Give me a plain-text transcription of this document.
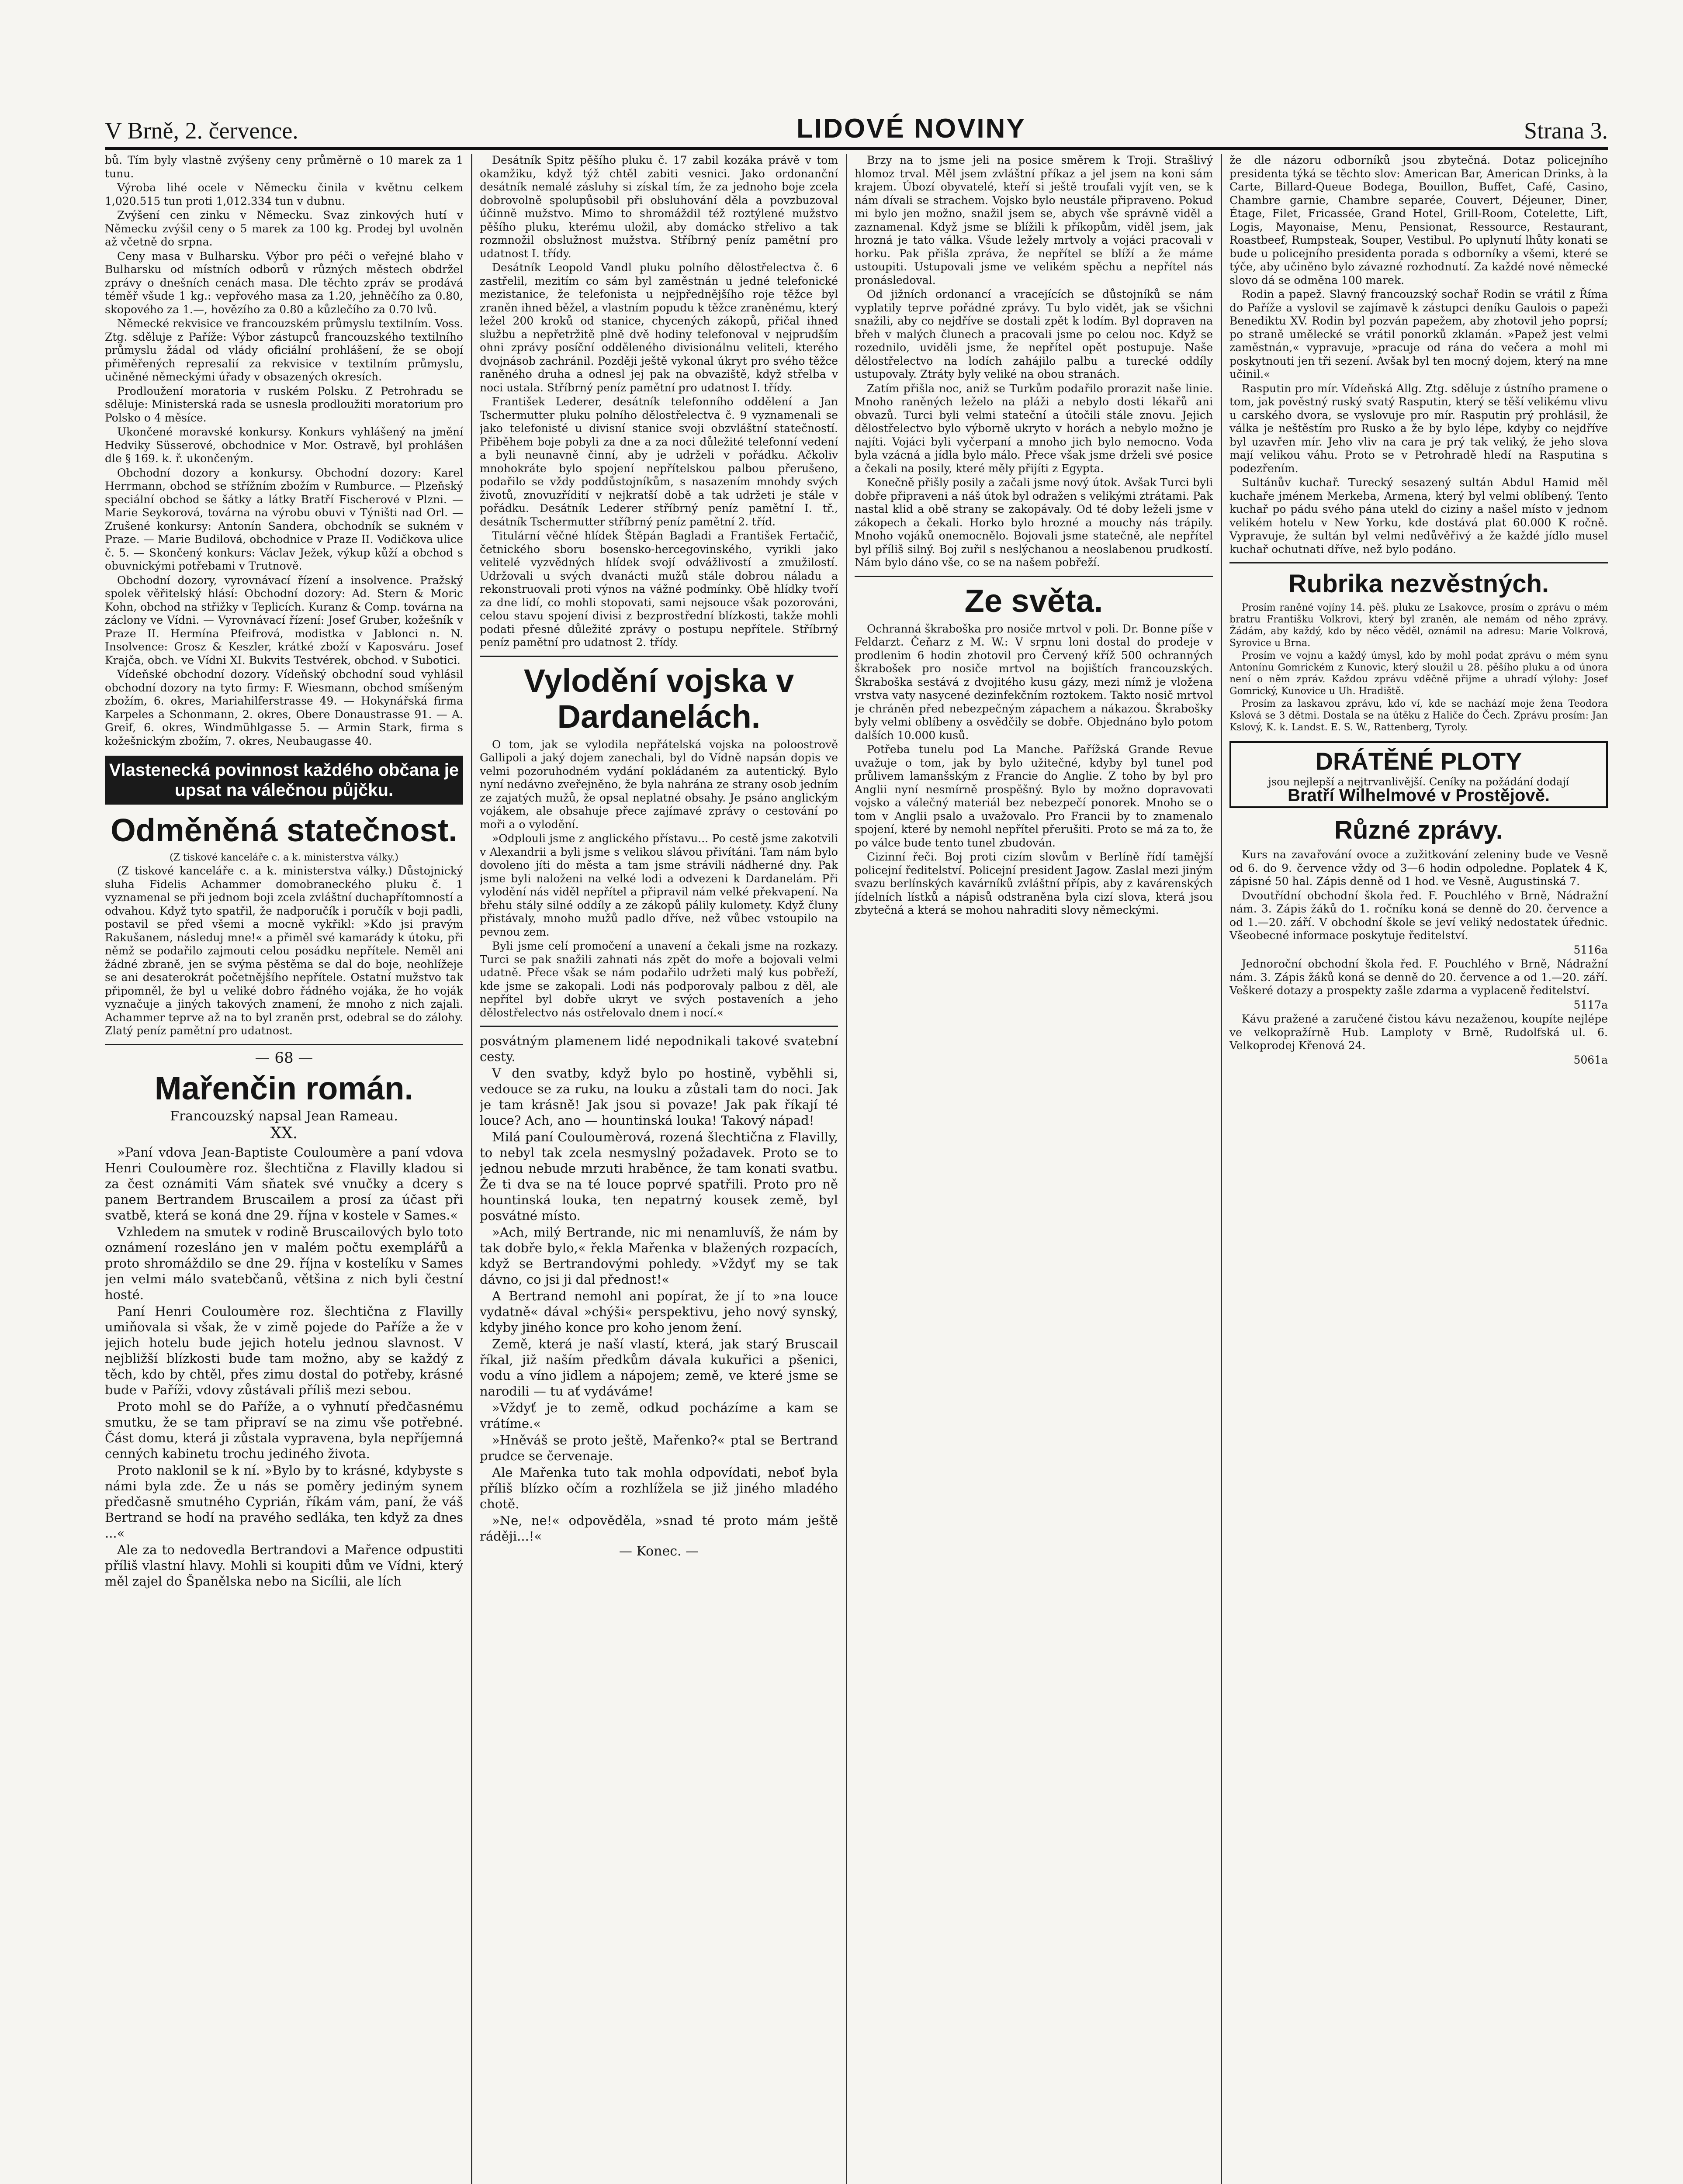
V Brně, 2. července.	LIDOVÉ NOVINY	Strana 3.

bů. Tím byly vlastně zvýšeny ceny průměrně o 10 marek za 1 tunu.

Výroba lihé ocele v Německu činila v květnu celkem 1,020.515 tun proti 1,012.334 tun v dubnu.

Zvýšení cen zinku v Německu. Svaz zinkových hutí v Německu zvýšil ceny o 5 marek za 100 kg. Prodej byl uvolněn až včetně do srpna.

Ceny masa v Bulharsku. Výbor pro péči o veřejné blaho v Bulharsku od místních odborů v různých městech obdržel zprávy o dnešních cenách masa. Dle těchto zpráv se prodává téměř všude 1 kg.: vepřového masa za 1.20, jehněčího za 0.80, skopového za 1.—, hovězího za 0.80 a kůzlečího za 0.70 lvů.

Německé rekvisice ve francouzském průmyslu textilním. Voss. Ztg. sděluje z Paříže: Výbor zástupců francouzského textilního průmyslu žádal od vlády oficiální prohlášení, že se obojí přiměřených represalií za rekvisice v textilním průmyslu, učiněné německými úřady v obsazených okresích.

Prodloužení moratoria v ruském Polsku. Z Petrohradu se sděluje: Ministerská rada se usnesla prodloužiti moratorium pro Polsko o 4 měsíce.

Ukončené moravské konkursy. Konkurs vyhlášený na jmění Hedviky Süsserové, obchodnice v Mor. Ostravě, byl prohlášen dle § 169. k. ř. ukončeným.

Obchodní dozory a konkursy. Obchodní dozory: Karel Herrmann, obchod se střížním zbožím v Rumburce. — Plzeňský speciální obchod se šátky a látky Bratří Fischerové v Plzni. — Marie Seykorová, továrna na výrobu obuvi v Týništi nad Orl. — Zrušené konkursy: Antonín Sandera, obchodník se sukném v Praze. — Marie Budilová, obchodnice v Praze II. Vodičkova ulice č. 5. — Skončený konkurs: Václav Ježek, výkup kůží a obchod s obuvnickými potřebami v Trutnově.

Obchodní dozory, vyrovnávací řízení a insolvence. Pražský spolek věřitelský hlásí: Obchodní dozory: Ad. Stern & Moric Kohn, obchod na střižky v Teplicích. Kuranz & Comp. továrna na záclony ve Vídni. — Vyrovnávací řízení: Josef Gruber, kožešník v Praze II. Hermína Pfeifrová, modistka v Jablonci n. N. Insolvence: Grosz & Keszler, krátké zboží v Kaposváru. Josef Krajča, obch. ve Vídni XI. Bukvits Testvérek, obchod. v Subotici.

Vídeňské obchodní dozory. Vídeňský obchodní soud vyhlásil obchodní dozory na tyto firmy: F. Wiesmann, obchod smíšeným zbožím, 6. okres, Mariahilferstrasse 49. — Hokynářská firma Karpeles a Schonmann, 2. okres, Obere Donaustrasse 91. — A. Greif, 6. okres, Windmühlgasse 5. — Armin Stark, firma s kožešnickým zbožím, 7. okres, Neubaugasse 40.

Vlastenecká povinnost každého občana je upsat na válečnou půjčku.
Odměněná statečnost.

(Z tiskové kanceláře c. a k. ministerstva války.)

(Z tiskové kanceláře c. a k. ministerstva války.) Důstojnický sluha Fidelis Achammer domobraneckého pluku č. 1 vyznamenal se při jednom boji zcela zvláštní duchapřítomností a odvahou. Když tyto spatřil, že nadporučík i poručík v boji padli, postavil se před všemi a mocně vykřikl: »Kdo jsi pravým Rakušanem, následuj mne!« a přiměl své kamarády k útoku, při němž se podařilo zajmouti celou posádku nepřítele. Neměl ani žádné zbraně, jen se svýma pěstěma se dal do boje, neohlížeje se ani desaterokrát početnějšího nepřítele. Ostatní mužstvo tak připomněl, že byl u veliké dobro řádného vojáka, že ho voják vyznačuje a jiných takových znamení, že mnoho z nich zajali. Achammer teprve až na to byl zraněn prst, odebral se do zálohy. Zlatý peníz pamětní pro udatnost.

— 68 —
Mařenčin román.
Francouzský napsal Jean Rameau.
XX.

»Paní vdova Jean-Baptiste Couloumère a paní vdova Henri Couloumère roz. šlechtična z Flavilly kladou si za čest oznámiti Vám sňatek své vnučky a dcery s panem Bertrandem Bruscailem a prosí za účast při svatbě, která se koná dne 29. října v kostele v Sames.«

Vzhledem na smutek v rodině Bruscailových bylo toto oznámení rozesláno jen v malém počtu exemplářů a proto shromáždilo se dne 29. října v kostelíku v Sames jen velmi málo svatebčanů, většina z nich byli čestní hosté.

Paní Henri Couloumère roz. šlechtična z Flavilly umiňovala si však, že v zimě pojede do Paříže a že v jejich hotelu bude jejich hotelu jednou slavnost. V nejbližší blízkosti bude tam možno, aby se každý z těch, kdo by chtěl, přes zimu dostal do potřeby, krásné bude v Paříži, vdovy zůstávali příliš mezi sebou.

Proto mohl se do Paříže, a o vyhnutí předčasnému smutku, že se tam připraví se na zimu vše potřebné. Část domu, která ji zůstala vypravena, byla nepříjemná cenných kabinetu trochu jediného života.

Proto naklonil se k ní. »Bylo by to krásné, kdybyste s námi byla zde. Že u nás se poměry jediným synem předčasně smutného Cyprián, říkám vám, paní, že váš Bertrand se hodí na pravého sedláka, ten když za dnes ...«

Ale za to nedovedla Bertrandovi a Mařence odpustiti příliš vlastní hlavy. Mohli si koupiti dům ve Vídni, který měl zajel do Španělska nebo na Sicílii, ale lích

Desátník Spitz pěšího pluku č. 17 zabil kozáka právě v tom okamžiku, když týž chtěl zabiti vesnici. Jako ordonanční desátník nemalé zásluhy si získal tím, že za jednoho boje zcela dobrovolně spolupůsobil při obsluhování děla a povzbuzoval účinně mužstvo. Mimo to shromáždil též roztýlené mužstvo pěšího pluku, kterému uložil, aby domácko střelivo a tak rozmnožil obslužnost mužstva. Stříbrný peníz pamětní pro udatnost I. třídy.

Desátník Leopold Vandl pluku polního dělostřelectva č. 6 zastřelil, mezitím co sám byl zaměstnán u jedné telefonické mezistanice, že telefonista u nejpřednějšího roje těžce byl zraněn ihned běžel, a vlastním popudu k těžce zraněnému, který ležel 200 kroků od stanice, chycených zákopů, přičal ihned službu a nepřetržitě plně dvě hodiny telefonoval v nejprudším ohni zprávy posíční odděleného divisionálnu veliteli, kterého dvojnásob zachránil. Později ještě vykonal úkryt pro svého těžce raněného druha a odnesl jej pak na obvaziště, když střelba v noci ustala. Stříbrný peníz pamětní pro udatnost I. třídy.

František Lederer, desátník telefonního oddělení a Jan Tschermutter pluku polního dělostřelectva č. 9 vyznamenali se jako telefonisté u divisní stanice svoji obzvláštní statečností. Přiběhem boje pobyli za dne a za noci důležité telefonní vedení a byli neunavně činní, aby je udrželi v pořádku. Ačkoliv mnohokráte bylo spojení nepřítelskou palbou přerušeno, podařilo se vždy poddůstojníkům, s nasazením mnohdy svých životů, znovuzřídití v nejkratší době a tak udržeti je stále v pořádku. Desátník Lederer stříbrný peníz pamětní I. tř., desátník Tschermutter stříbrný peníz pamětní 2. tříd.

Titulární věčné hlídek Štěpán Bagladi a František Fertačič, četnického sboru bosensko-hercegovinského, vyrikli jako velitelé vyzvědných hlídek svojí odvážlivostí a zmužilostí. Udržovali u svých dvanácti mužů stále dobrou náladu a rekonstruovali proti výnos na vážné podmínky. Obě hlídky tvoří za dne lidí, co mohli stopovati, sami nejsouce však pozorováni, celou stavu spojení divisi z bezprostřední blízkosti, takže mohli podati přesné důležité zprávy o postupu nepřítele. Stříbrný peníz pamětní pro udatnost 2. třídy.

Vylodění vojska v Dardanelách.

O tom, jak se vylodila nepřátelská vojska na poloostrově Gallipoli a jaký dojem zanechali, byl do Vídně napsán dopis ve velmi pozoruhodném vydání pokládaném za autentický. Bylo nyní nedávno zveřejněno, že byla nahrána ze strany osob jedním ze zajatých mužů, že opsal neplatné obsahy. Je psáno anglickým vojákem, ale obsahuje přece zajímavé zprávy o cestování po moři a o vylodění.

»Odplouli jsme z anglického přístavu... Po cestě jsme zakotvili v Alexandrii a byli jsme s velikou slávou přivítáni. Tam nám bylo dovoleno jíti do města a tam jsme strávili nádherné dny. Pak jsme byli naloženi na velké lodi a odvezeni k Dardanelám. Při vylodění nás viděl nepřítel a připravil nám velké překvapení. Na břehu stály silné oddíly a ze zákopů pálily kulomety. Když čluny přistávaly, mnoho mužů padlo dříve, než vůbec vstoupilo na pevnou zem.

Byli jsme celí promočení a unavení a čekali jsme na rozkazy. Turci se pak snažili zahnati nás zpět do moře a bojovali velmi udatně. Přece však se nám podařilo udržeti malý kus pobřeží, kde jsme se zakopali. Lodi nás podporovaly palbou z děl, ale nepřítel byl dobře ukryt ve svých postaveních a jeho dělostřelectvo nás ostřelovalo dnem i nocí.«

posvátným plamenem lidé nepodnikali takové svatební cesty.

V den svatby, když bylo po hostině, vyběhli si, vedouce se za ruku, na louku a zůstali tam do noci. Jak je tam krásně! Jak jsou si povaze! Jak pak říkají té louce? Ach, ano — hountinská louka! Takový nápad!

Milá paní Couloumèrová, rozená šlechtična z Flavilly, to nebyl tak zcela nesmyslný požadavek. Proto se to jednou nebude mrzuti hraběnce, že tam konati svatbu. Že ti dva se na té louce poprvé spatřili. Proto pro ně hountinská louka, ten nepatrný kousek země, byl posvátné místo.

»Ach, milý Bertrande, nic mi nenamluvíš, že nám by tak dobře bylo,« řekla Mařenka v blažených rozpacích, když se Bertrandovými pohledy. »Vždyť my se tak dávno, co jsi ji dal přednost!«

A Bertrand nemohl ani popírat, že jí to »na louce vydatně« dával »chýši« perspektivu, jeho nový synský, kdyby jiného konce pro koho jenom žení.

Země, která je naší vlastí, která, jak starý Bruscail říkal, již naším předkům dávala kukuřici a pšenici, vodu a víno jidlem a nápojem; země, ve které jsme se narodili — tu ať vydáváme!

»Vždyť je to země, odkud pocházíme a kam se vrátíme.«

»Hněváš se proto ještě, Mařenko?« ptal se Bertrand prudce se červenaje.

Ale Mařenka tuto tak mohla odpovídati, neboť byla příliš blízko očím a rozhlížela se již jiného mladého chotě.

»Ne, ne!« odpověděla, »snad té proto mám ještě ráději...!«

— Konec. —

Brzy na to jsme jeli na posice směrem k Troji. Strašlivý hlomoz trval. Měl jsem zvláštní příkaz a jel jsem na koni sám krajem. Úbozí obyvatelé, kteří si ještě troufali vyjít ven, se k nám dívali se strachem. Vojsko bylo neustále připraveno. Pokud mi bylo jen možno, snažil jsem se, abych vše správně viděl a zaznamenal. Když jsme se blížili k příkopům, viděl jsem, jak hrozná je tato válka. Všude ležely mrtvoly a vojáci pracovali v horku. Pak přišla zpráva, že nepřítel se blíží a že máme ustoupiti. Ustupovali jsme ve velikém spěchu a nepřítel nás pronásledoval.

Od jižních ordonancí a vracejících se důstojníků se nám vyplatily teprve pořádné zprávy. Tu bylo vidět, jak se všichni snažili, aby co nejdříve se dostali zpět k lodím. Byl dopraven na břeh v malých člunech a pracovali jsme po celou noc. Když se rozednilo, uviděli jsme, že nepřítel opět postupuje. Naše dělostřelectvo na lodích zahájilo palbu a turecké oddíly ustupovaly. Ztráty byly veliké na obou stranách.

Zatím přišla noc, aniž se Turkům podařilo prorazit naše linie. Mnoho raněných leželo na pláži a nebylo dosti lékařů ani obvazů. Turci byli velmi stateční a útočili stále znovu. Jejich dělostřelectvo bylo výborně ukryto v horách a nebylo možno je najíti. Vojáci byli vyčerpaní a mnoho jich bylo nemocno. Voda byla vzácná a jídla bylo málo. Přece však jsme drželi své posice a čekali na posily, které měly přijíti z Egypta.

Konečně přišly posily a začali jsme nový útok. Avšak Turci byli dobře připraveni a náš útok byl odražen s velikými ztrátami. Pak nastal klid a obě strany se zakopávaly. Od té doby leželi jsme v zákopech a čekali. Horko bylo hrozné a mouchy nás trápily. Mnoho vojáků onemocnělo. Bojovali jsme statečně, ale nepřítel byl příliš silný. Boj zuřil s neslýchanou a neoslabenou prudkostí. Nám bylo dáno vše, co se na našem pobřeží.

Ze světa.

Ochranná škraboška pro nosiče mrtvol v poli. Dr. Bonne píše v Feldarzt. Čeňarz z M. W.: V srpnu loni dostal do prodeje v prodlenim 6 hodin zhotovil pro Červený kříž 500 ochranných škrabošek pro nosiče mrtvol na bojištích francouzských. Škraboška sestává z dvojitého kusu gázy, mezi nímž je vložena vrstva vaty nasycené dezinfekčním roztokem. Takto nosič mrtvol je chráněn před nebezpečným zápachem a nákazou. Škrabošky byly velmi oblíbeny a osvědčily se dobře. Objednáno bylo potom dalších 10.000 kusů.

Potřeba tunelu pod La Manche. Pařížská Grande Revue uvažuje o tom, jak by bylo užitečné, kdyby byl tunel pod průlivem lamanšským z Francie do Anglie. Z toho by byl pro Anglii nyní nesmírně prospěšný. Bylo by možno dopravovati vojsko a válečný materiál bez nebezpečí ponorek. Mnoho se o tom v Anglii psalo a uvažovalo. Pro Francii by to znamenalo spojení, které by nemohl nepřítel přerušiti. Proto se má za to, že po válce bude tento tunel zbudován.

Cizinní řeči. Boj proti cizím slovům v Berlíně řídí tamější policejní ředitelství. Policejní president Jagow. Zaslal mezi jiným svazu berlínských kavárníků zvláštní přípis, aby z kavárenských jídelních lístků a nápisů odstraněna byla cizí slova, která jsou zbytečná a která se mohou nahraditi slovy německými.

že dle názoru odborníků jsou zbytečná. Dotaz policejního presidenta týká se těchto slov: American Bar, American Drinks, à la Carte, Billard-Queue Bodega, Bouillon, Buffet, Café, Casino, Chambre garnie, Chambre separée, Couvert, Déjeuner, Diner, Étage, Filet, Fricassée, Grand Hotel, Grill-Room, Cotelette, Lift, Logis, Mayonaise, Menu, Pensionat, Ressource, Restaurant, Roastbeef, Rumpsteak, Souper, Vestibul. Po uplynutí lhůty konati se bude u policejního presidenta porada s odborníky a všemi, které se týče, aby učiněno bylo závazné rozhodnutí. Za každé nové německé slovo dá se odměna 100 marek.

Rodin a papež. Slavný francouzský sochař Rodin se vrátil z Říma do Paříže a vyslovil se zajímavě k zástupci deníku Gaulois o papeži Benediktu XV. Rodin byl pozván papežem, aby zhotovil jeho poprsí; po straně umělecké se vrátil ponorků zklamán. »Papež jest velmi zaměstnán,« vypravuje, »pracuje od rána do večera a mohl mi poskytnouti jen tři sezení. Avšak byl ten mocný dojem, který na mne učinil.«

Rasputin pro mír. Vídeňská Allg. Ztg. sděluje z ústního pramene o tom, jak pověstný ruský svatý Rasputin, který se těší velikému vlivu u carského dvora, se vyslovuje pro mír. Rasputin prý prohlásil, že válka je neštěstím pro Rusko a že by bylo lépe, kdyby co nejdříve byl uzavřen mír. Jeho vliv na cara je prý tak veliký, že jeho slova mají velikou váhu. Proto se v Petrohradě hledí na Rasputina s podezřením.

Sultánův kuchař. Turecký sesazený sultán Abdul Hamid měl kuchaře jménem Merkeba, Armena, který byl velmi oblíbený. Tento kuchař po pádu svého pána utekl do ciziny a našel místo v jednom velikém hotelu v New Yorku, kde dostává plat 60.000 K ročně. Vypravuje, že sultán byl velmi nedůvěřivý a že každé jídlo musel kuchař ochutnati dříve, než bylo podáno.

Rubrika nezvěstných.

Prosím raněné vojíny 14. pěš. pluku ze Lsakovce, prosím o zprávu o mém bratru Františku Volkrovi, který byl zraněn, ale nemám od něho zprávy. Žádám, aby každý, kdo by něco věděl, oznámil na adresu: Marie Volkrová, Syrovice u Brna.

Prosím ve vojnu a každý úmysl, kdo by mohl podat zprávu o mém synu Antonínu Gomrickém z Kunovic, který sloužil u 28. pěšího pluku a od února není o něm zpráv. Každou zprávu vděčně přijme a uhradí výlohy: Josef Gomrický, Kunovice u Uh. Hradiště.

Prosím za laskavou zprávu, kdo ví, kde se nachází moje žena Teodora Kslová se 3 dětmi. Dostala se na útěku z Haliče do Čech. Zprávu prosím: Jan Kslový, K. k. Landst. E. S. W., Rattenberg, Tyroly.

DRÁTĚNÉ PLOTY
jsou nejlepší a nejtrvanlivější. Ceníky na požádání dodají
Bratří Wilhelmové v Prostějově.
Různé zprávy.

Kurs na zavařování ovoce a zužitkování zeleniny bude ve Vesně od 6. do 9. července vždy od 3—6 hodin odpoledne. Poplatek 4 K, zápisné 50 hal. Zápis denně od 1 hod. ve Vesně, Augustinská 7.

Dvoutřídní obchodní škola řed. F. Pouchlého v Brně, Nádražní nám. 3. Zápis žáků do 1. ročníku koná se denně do 20. července a od 1.—20. září. V obchodní škole se jeví veliký nedostatek úřednic. Všeobecné informace poskytuje ředitelství.

5116a

Jednoroční obchodní škola řed. F. Pouchlého v Brně, Nádražní nám. 3. Zápis žáků koná se denně do 20. července a od 1.—20. září. Veškeré dotazy a prospekty zašle zdarma a vyplaceně ředitelství.

5117a

Kávu pražené a zaručené čistou kávu nezaženou, koupíte nejlépe ve velkopražírně Hub. Lamploty v Brně, Rudolfská ul. 6. Velkoprodej Křenová 24.

5061a
